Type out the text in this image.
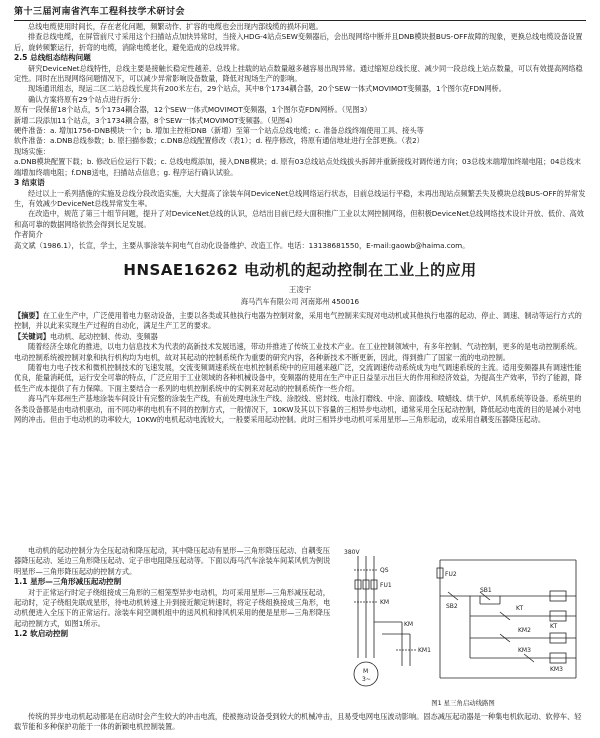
第十三届河南省汽车工程科技学术研讨会

总线电缆使用时间长，存在老化问题，频繁动作、扩容的电缆也会出现内部线缆的损坏问题。

排查总线电缆，在屏管前尺寸采用这个扫描站点加快异常时，当接入HDG-4站点SEW变频器后，会出现网络中断并且DNB模块报BUS-OFF故障的现象，更换总线电缆设备设置后，旋转频繁运行，折弯的电缆，消除电缆老化，避免造成的总线异常。

2.5 总线组态结构问题

研究DeviceNet总线特性，总线主要是接触长稳定性越差、总线上挂载的站点数量越多越容易出现异常。通过缩短总线长度、减少同一段总线上站点数量，可以有效提高网络稳定性。同时在出现网络问题情况下，可以减少异常影响设备数量，降低对现场生产的影响。

现场通讯组态，现运二区二站总线长度共有200米左右，29个站点，其中8个1734耦合器，20个SEW一体式MOVIMOT变频器，1个图尔克FDN网桥。

确认方案将原有29个站点进行拆分：

原有一段保留18个站点，5个1734耦合器，12个SEW一体式MOVIMOT变频器，1个图尔克FDN网桥。（见图3）

新增二段添加11个站点，3个1734耦合器，8个SEW一体式MOVIMOT变频器。（见图4）

硬件准备：a. 增加1756-DNB模块一个；b. 增加主控柜DNB（新增）至第一个站点总线电缆；c. 准备总线终端使用工具、接头等

软件准备：a.DNB总线参数；b. 原扫描参数；c.DNB总线配置修改（表1）；d. 程序修改，将原有通信地址进行全部更换。（表2）

现场实施：

a.DNB模块配置下载；b. 修改后位运行下载；c. 总线电缆添加，接入DNB模块；d. 原有03总线站点处线拔头拆卸并重新接线对调传递方向；03总线末端增加终端电阻；04总线末端增加终端电阻；f.DNB送电，扫描站点信息；g. 程序运行确认试验。

3 结束语

经过以上一系列措施的实施及总线分段改造实施，大大提高了涂装车间DeviceNet总线网络运行状态，目前总线运行平稳，未再出现站点频繁丢失及模块总线BUS-OFF的异常发生，有效减少DeviceNet总线异常发生率。

在改造中，规范了第三十组节问题，提升了对DeviceNet总线的认识，总结出目前已经大面积推广工业以太网控制网络，但积极DeviceNet总线网络技术设计开放、低价、高效和高可靠的数据网络依然会得到长足发展。

作者简介

高文斌（1986.1），长宣，学士，主要从事涂装车间电气自动化设备维护、改造工作。电话：13138681550，E-mail:gaowb@haima.com。

HNSAE16262 电动机的起动控制在工业上的应用
王凌宇
海马汽车有限公司 河南郑州 450016

【摘要】在工业生产中，广泛使用着电力驱动设备，主要以各类或其他执行电器为控制对象，采用电气控制来实现对电动机或其他执行电器的起动、停止、调速、制动等运行方式的控制，并以此来实现生产过程的自动化，满足生产工艺的要求。

【关键词】电动机、起动控制、传动、变频器

随着经济全球化的推进，以电力信息技术为代表的高新技术发展迅速，带动并推进了传统工业技术产业。在工业控制领域中，有多年控制、气动控制，更多的是电动控制系统。电动控制系统被控制对象和执行机构均为电机，故对其起动的控制系统作为重要的研究内容，各种新技术不断更新，因此，得到推广了国家一流的电动控制。

随着电力电子技术和微机控制技术的飞速发展，交流变频调速系统在电机控制系统中的应用越来越广泛，交流调速传动系统成为电气调速系统的主流。适用变频器具有调速性能优良，能量消耗低，运行安全可靠的特点，广泛应用于工业领域的各种机械设备中，变频器的使用在生产中正日益显示出巨大的作用和经济效益，为提高生产效率，节约了能源，降低生产成本提供了有力保障。下面主要结合一系列的电机控制系统中的实例来对起动的控制系统作一些介绍。

海马汽车郑州生产基地涂装车间设计有完整的涂装生产线，有前处理电泳生产线、涂胶线、密封线、电泳打磨线、中涂、面漆线、喷蜡线、烘干炉、风机系统等设备。系统里的各类设备都是由电动机驱动，而不同功率的电机有不同的控制方式，一般情况下，10KW及其以下容量的三相异步电动机，通常采用全压起动控制，降低起动电流的目的是减小对电网的冲击。但由于电动机的功率较大，10KW的电机起动电流较大，一般要采用起动控制。此时三相异步电动机可采用星形—三角形起动，或采用自耦变压器降压起动。

电动机的起动控制分为全压起动和降压起动，其中降压起动有星形—三角形降压起动、自耦变压器降压起动、延边三角形降压起动、定子串电阻降压起动等。下面以海马汽车涂装车间某风机为例说明星形—三角形降压起动的控制方式。

1.1 星形—三角形减压起动控制

对于正常运行时定子绕组接成三角形的三相笼型异步电动机，均可采用星形—三角形减压起动，起动时，定子绕组先联成星形，待电动机转速上升到接近额定转速时，将定子绕组换接成三角形，电动机便进入全压下的正常运行。涂装车间空调机组中的送风机和排风机采用的便是星形—三角形降压起动控制方式，如图1所示。

1.2 软启动控制

380V
QS
FU1
KM
KM
KM1
FU2
SB2
SB1
KT
KM2
KM3
KM3
KT
M
3~
图1 星三角启动线路图

传统的异步电动机起动都是在启动时会产生较大的冲击电流，使被拖动设备受到较大的机械冲击，且易受电网电压波动影响。固态减压起动器是一种集电机软起动、软停车、轻载节能和多种保护功能于一体的新颖电机控制装置。
